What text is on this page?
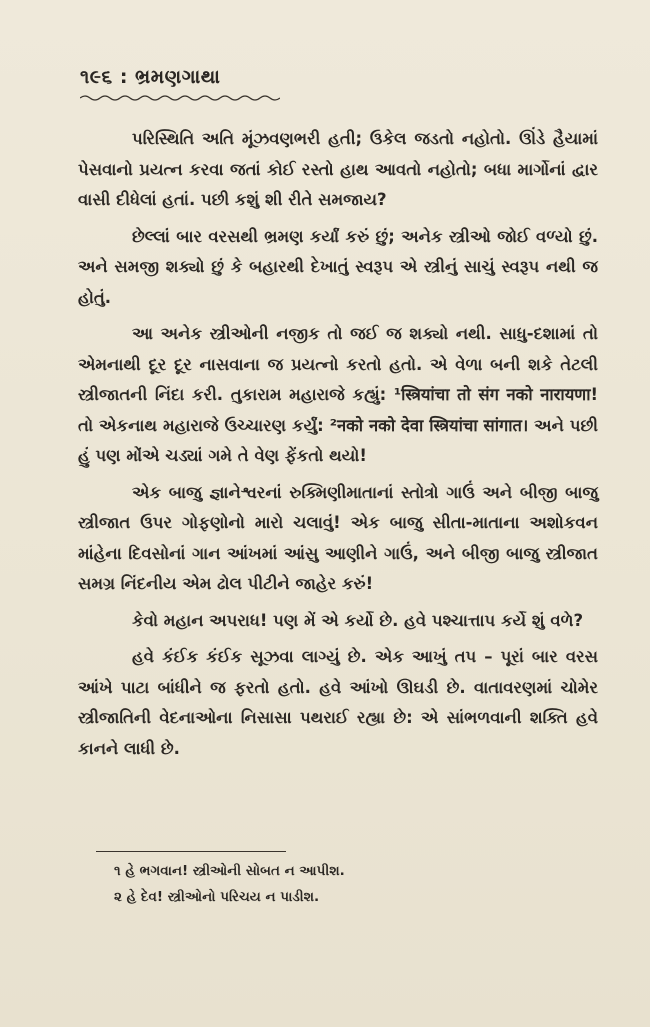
૧૯૬ : ભ્રમણગાથા

પરિસ્થિતિ અતિ મૂંઝવણભરી હતી; ઉકેલ જડતો નહોતો. ઊંડે હૈયામાં પેસવાનો પ્રયત્ન કરવા જતાં કોઈ રસ્તો હાથ આવતો નહોતો; બધા માર્ગોનાં દ્વાર વાસી દીધેલાં હતાં. પછી કશું શી રીતે સમજાય?

છેલ્લાં બાર વરસથી ભ્રમણ કર્યાં કરું છું; અનેક સ્ત્રીઓ જોઈ વળ્યો છું. અને સમજી શક્યો છું કે બહારથી દેખાતું સ્વરૂપ એ સ્ત્રીનું સાચું સ્વરૂપ નથી જ હોતું.

આ અનેક સ્ત્રીઓની નજીક તો જઈ જ શક્યો નથી. સાધુ-દશામાં તો એમનાથી દૂર દૂર નાસવાના જ પ્રયત્નો કરતો હતો. એ વેળા બની શકે તેટલી સ્ત્રીજાતની નિંદા કરી. તુકારામ મહારાજે કહ્યું: ¹स्त्रियांचा तो संग नको नारायणा! તો એકનાથ મહારાજે ઉચ્ચારણ કર્યું: ²नको नको देवा स्त्रियांचा सांगात। અને પછી હું પણ મોંએ ચડ્યાં ગમે તે વેણ ફેંકતો થયો!

એક બાજુ જ્ઞાનેશ્વરનાં રુક્મિણીમાતાનાં સ્તોત્રો ગાઉં અને બીજી બાજુ સ્ત્રીજાત ઉપર ગોફણોનો મારો ચલાવું! એક બાજુ સીતા-માતાના અશોકવન માંહેના દિવસોનાં ગાન આંખમાં આંસુ આણીને ગાઉં, અને બીજી બાજુ સ્ત્રીજાત સમગ્ર નિંદનીય એમ ઢોલ પીટીને જાહેર કરું!

કેવો મહાન અપરાધ! પણ મેં એ કર્યો છે. હવે પશ્ચાત્તાપ કર્યે શું વળે?

હવે કંઈક કંઈક સૂઝવા લાગ્યું છે. એક આખું તપ – પૂરાં બાર વરસ આંખે પાટા બાંધીને જ ફરતો હતો. હવે આંખો ઊઘડી છે. વાતાવરણમાં ચોમેર સ્ત્રીજાતિની વેદનાઓના નિસાસા પથરાઈ રહ્યા છે: એ સાંભળવાની શક્તિ હવે કાનને લાધી છે.

૧ હે ભગવાન! સ્ત્રીઓની સોબત ન આપીશ.

૨ હે દેવ! સ્ત્રીઓનો પરિચય ન પાડીશ.
